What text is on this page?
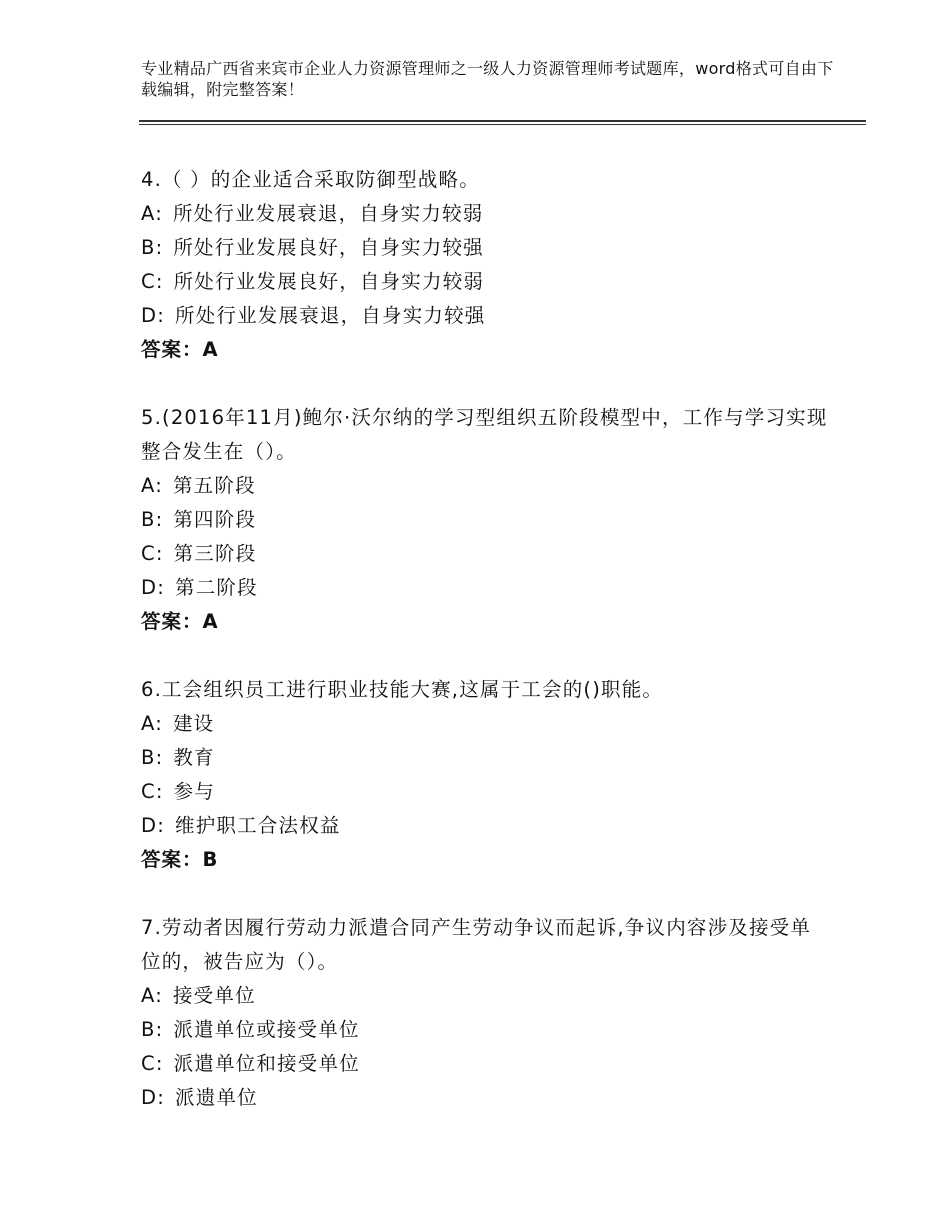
专业精品广西省来宾市企业人力资源管理师之一级人力资源管理师考试题库，word格式可自由下载编辑，附完整答案！
4.（ ）的企业适合采取防御型战略。
A: 所处行业发展衰退，自身实力较弱
B: 所处行业发展良好，自身实力较强
C: 所处行业发展良好，自身实力较弱
D: 所处行业发展衰退，自身实力较强
答案：A
5.(2016年11月)鲍尔·沃尔纳的学习型组织五阶段模型中，工作与学习实现整合发生在（）。
A: 第五阶段
B: 第四阶段
C: 第三阶段
D: 第二阶段
答案：A
6.工会组织员工进行职业技能大赛,这属于工会的()职能。
A: 建设
B: 教育
C: 参与
D: 维护职工合法权益
答案：B
7.劳动者因履行劳动力派遣合同产生劳动争议而起诉,争议内容涉及接受单位的，被告应为（）。
A: 接受单位
B: 派遣单位或接受单位
C: 派遣单位和接受单位
D: 派遗单位
